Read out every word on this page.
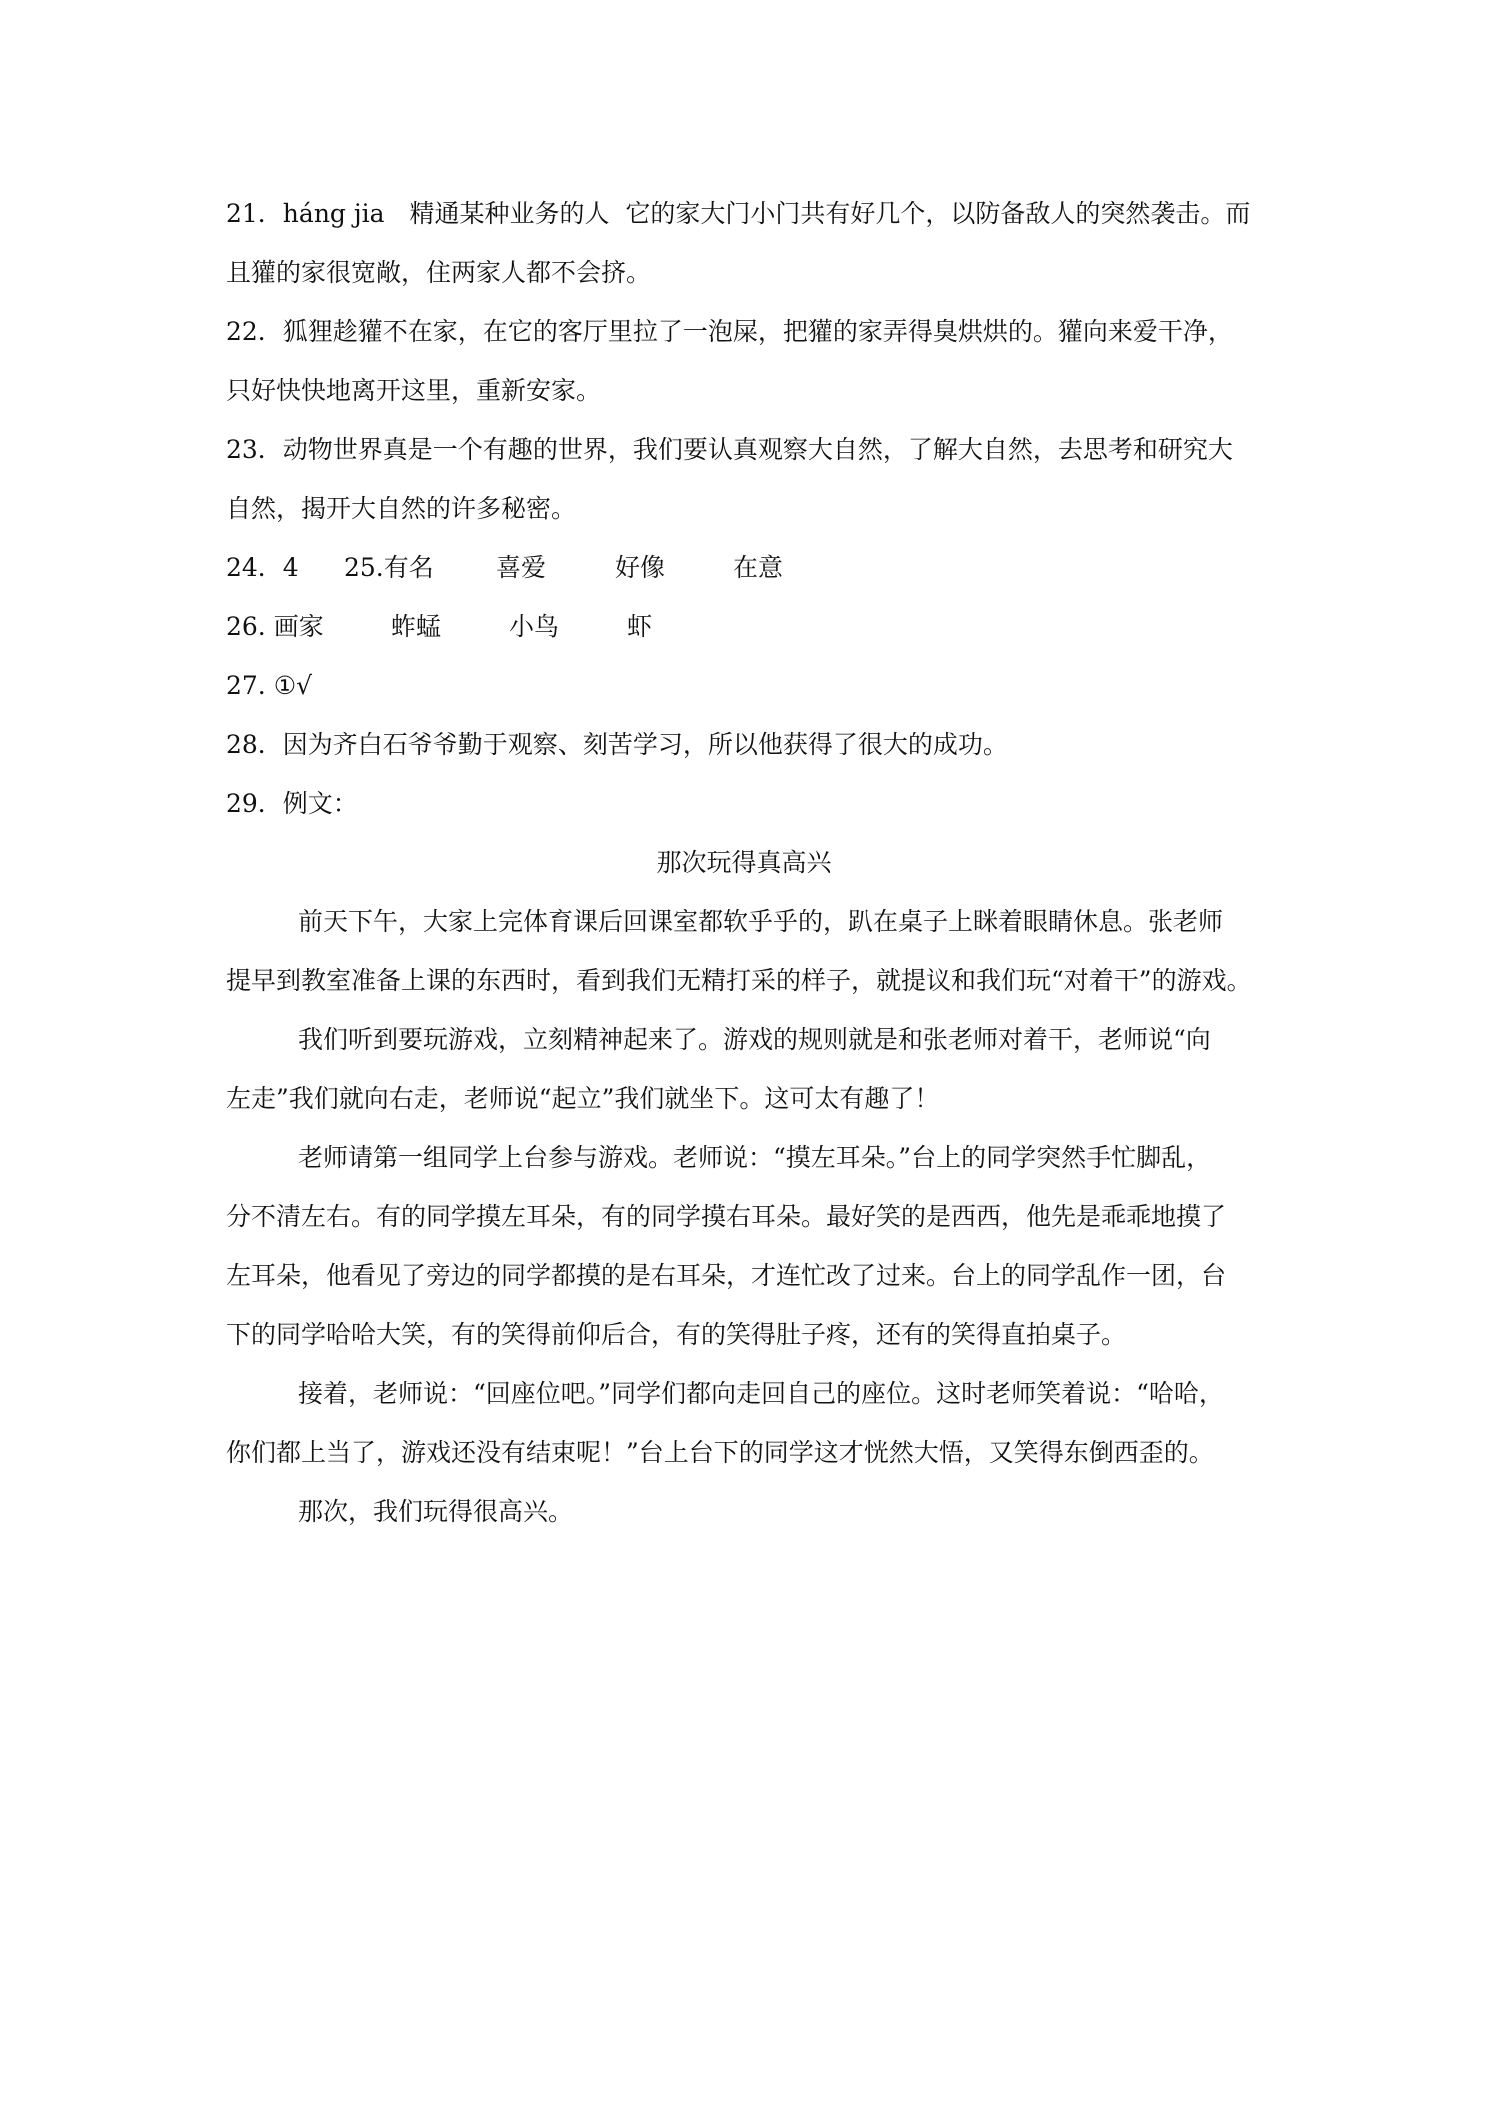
21．háng jia　精通某种业务的人  它的家大门小门共有好几个，以防备敌人的突然袭击。而
且獾的家很宽敞，住两家人都不会挤。
22．狐狸趁獾不在家，在它的客厅里拉了一泡屎，把獾的家弄得臭烘烘的。獾向来爱干净，
只好快快地离开这里，重新安家。
23．动物世界真是一个有趣的世界，我们要认真观察大自然，了解大自然，去思考和研究大
自然，揭开大自然的许多秘密。
24．4 25.有名 喜爱	好像	在意
26. 画家	蚱蜢	小鸟	虾
27. ①√
28．因为齐白石爷爷勤于观察、刻苦学习，所以他获得了很大的成功。
29．例文：
那次玩得真高兴
前天下午，大家上完体育课后回课室都软乎乎的，趴在桌子上眯着眼睛休息。张老师
提早到教室准备上课的东西时，看到我们无精打采的样子，就提议和我们玩“对着干”的游戏。
我们听到要玩游戏，立刻精神起来了。游戏的规则就是和张老师对着干，老师说“向
左走”我们就向右走，老师说“起立”我们就坐下。这可太有趣了！
老师请第一组同学上台参与游戏。老师说：“摸左耳朵。”台上的同学突然手忙脚乱，
分不清左右。有的同学摸左耳朵，有的同学摸右耳朵。最好笑的是西西，他先是乖乖地摸了
左耳朵，他看见了旁边的同学都摸的是右耳朵，才连忙改了过来。台上的同学乱作一团，台
下的同学哈哈大笑，有的笑得前仰后合，有的笑得肚子疼，还有的笑得直拍桌子。
接着，老师说：“回座位吧。”同学们都向走回自己的座位。这时老师笑着说：“哈哈，
你们都上当了，游戏还没有结束呢！”台上台下的同学这才恍然大悟，又笑得东倒西歪的。
那次，我们玩得很高兴。
